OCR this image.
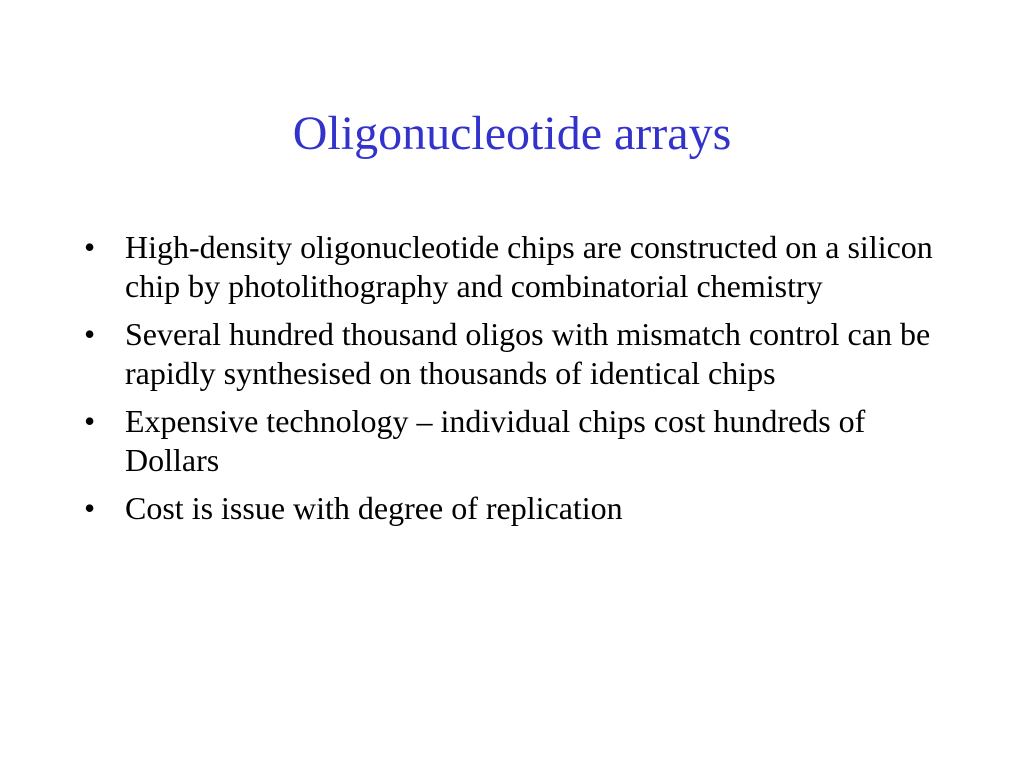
Oligonucleotide arrays
• High-density oligonucleotide chips are constructed on a silicon chip by photolithography and combinatorial chemistry
• Several hundred thousand oligos with mismatch control can be rapidly synthesised on thousands of identical chips
• Expensive technology – individual chips cost hundreds of Dollars
• Cost is issue with degree of replication
